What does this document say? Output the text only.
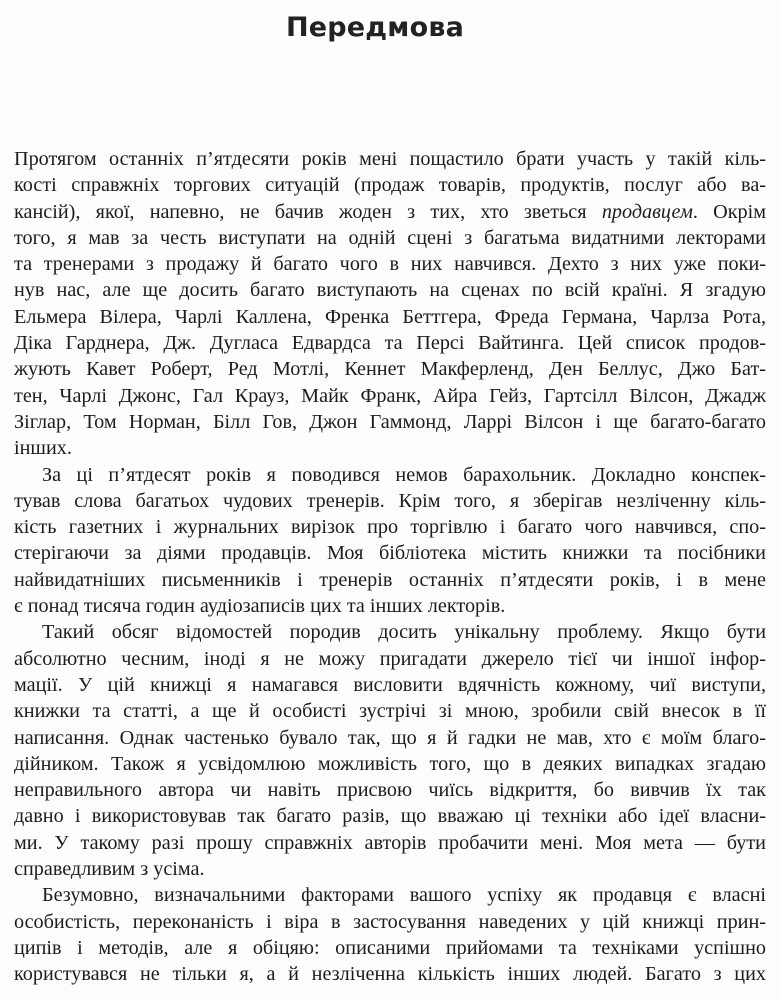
Передмова

Протягом останніх п’ятдесяти років мені пощастило брати участь у такій кіль-
кості справжніх торгових ситуацій (продаж товарів, продуктів, послуг або ва-
кансій), якої, напевно, не бачив жоден з тих, хто зветься продавцем. Окрім
того, я мав за честь виступати на одній сцені з багатьма видатними лекторами
та тренерами з продажу й багато чого в них навчився. Дехто з них уже поки-
нув нас, але ще досить багато виступають на сценах по всій країні. Я згадую
Ельмера Вілера, Чарлі Каллена, Френка Беттгера, Фреда Германа, Чарлза Рота,
Діка Гарднера, Дж. Дугласа Едвардса та Персі Вайтинга. Цей список продов-
жують Кавет Роберт, Ред Мотлі, Кеннет Макферленд, Ден Беллус, Джо Бат-
тен, Чарлі Джонс, Гал Крауз, Майк Франк, Айра Гейз, Гартсілл Вілсон, Джадж
Зіглар, Том Норман, Білл Гов, Джон Гаммонд, Ларрі Вілсон і ще багато-багато
інших.

За ці п’ятдесят років я поводився немов барахольник. Докладно конспек-
тував слова багатьох чудових тренерів. Крім того, я зберігав незліченну кіль-
кість газетних і журнальних вирізок про торгівлю і багато чого навчився, спо-
стерігаючи за діями продавців. Моя бібліотека містить книжки та посібники
найвидатніших письменників і тренерів останніх п’ятдесяти років, і в мене
є понад тисяча годин аудіозаписів цих та інших лекторів.

Такий обсяг відомостей породив досить унікальну проблему. Якщо бути
абсолютно чесним, іноді я не можу пригадати джерело тієї чи іншої інфор-
мації. У цій книжці я намагався висловити вдячність кожному, чиї виступи,
книжки та статті, а ще й особисті зустрічі зі мною, зробили свій внесок в її
написання. Однак частенько бувало так, що я й гадки не мав, хто є моїм благо-
дійником. Також я усвідомлюю можливість того, що в деяких випадках згадаю
неправильного автора чи навіть присвою чиїсь відкриття, бо вивчив їх так
давно і використовував так багато разів, що вважаю ці техніки або ідеї власни-
ми. У такому разі прошу справжніх авторів пробачити мені. Моя мета — бути
справедливим з усіма.

Безумовно, визначальними факторами вашого успіху як продавця є власні
особистість, переконаність і віра в застосування наведених у цій книжці прин-
ципів і методів, але я обіцяю: описаними прийомами та технiками успішно
користувався не тільки я, а й незліченна кількість інших людей. Багато з цих
